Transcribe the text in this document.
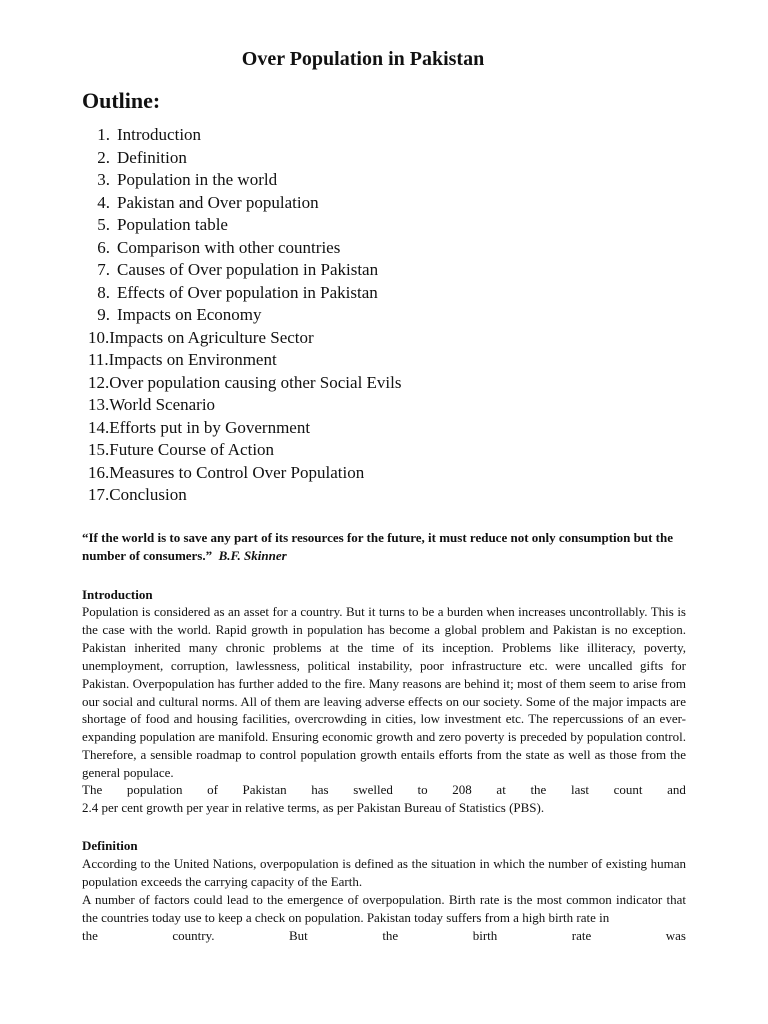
Over Population in Pakistan
Outline:
1. Introduction
2. Definition
3. Population in the world
4. Pakistan and Over population
5. Population table
6. Comparison with other countries
7. Causes of Over population in Pakistan
8. Effects of Over population in Pakistan
9. Impacts on Economy
10.Impacts on Agriculture Sector
11.Impacts on Environment
12.Over population causing other Social Evils
13.World Scenario
14.Efforts put in by Government
15.Future Course of Action
16.Measures to Control Over Population
17.Conclusion
“If the world is to save any part of its resources for the future, it must reduce not only consumption but the number of consumers.” B.F. Skinner
Introduction

Population is considered as an asset for a country. But it turns to be a burden when increases uncontrollably. This is the case with the world. Rapid growth in population has become a global problem and Pakistan is no exception. Pakistan inherited many chronic problems at the time of its inception. Problems like illiteracy, poverty, unemployment, corruption, lawlessness, political instability, poor infrastructure etc. were uncalled gifts for Pakistan. Overpopulation has further added to the fire. Many reasons are behind it; most of them seem to arise from our social and cultural norms. All of them are leaving adverse effects on our society. Some of the major impacts are shortage of food and housing facilities, overcrowding in cities, low investment etc. The repercussions of an ever-expanding population are manifold. Ensuring economic growth and zero poverty is preceded by population control. Therefore, a sensible roadmap to control population growth entails efforts from the state as well as those from the general populace.

The population of Pakistan has swelled to 208 at the last count and
2.4 per cent growth per year in relative terms, as per Pakistan Bureau of Statistics (PBS).
Definition

According to the United Nations, overpopulation is defined as the situation in which the number of existing human population exceeds the carrying capacity of the Earth.

A number of factors could lead to the emergence of overpopulation. Birth rate is the most common indicator that the countries today use to keep a check on population. Pakistan today suffers from a high birth rate in

the	country.	But	the	birth	rate	was
